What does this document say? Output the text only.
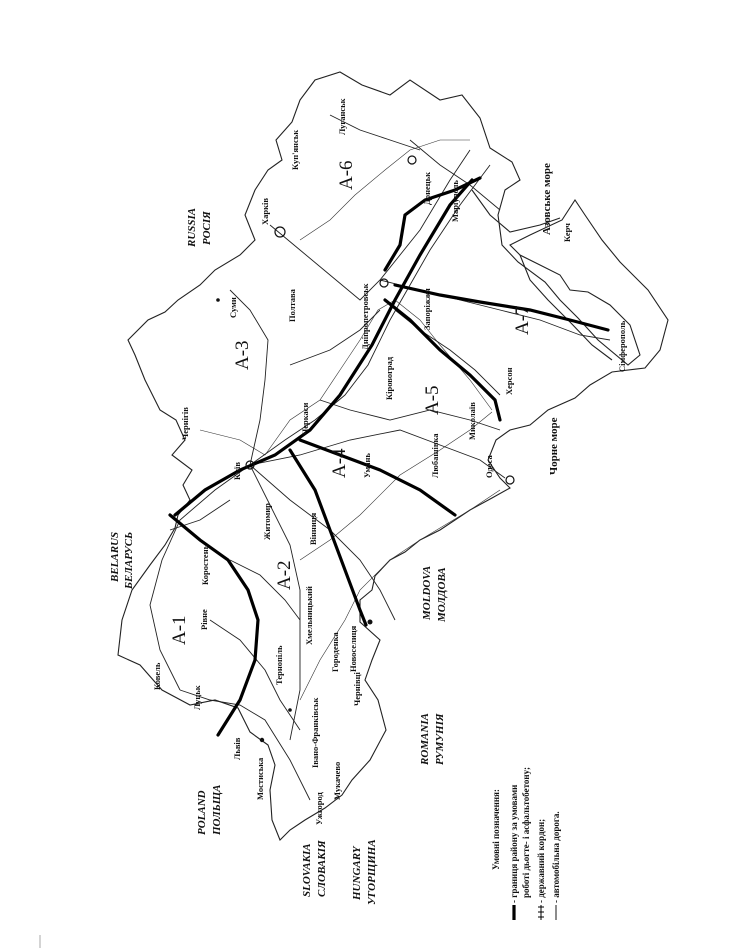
A-1
A-2
A-3
A-4
A-5
A-6
A-7
BELARUS БЕЛАРУСЬ
RUSSIA РОСІЯ
POLAND ПОЛЬЩА
SLOVAKIA СЛОВАКІЯ HUNGARY УГОРЩИНА
ROMANIA РУМУНІЯ
MOLDOVA МОЛДОВА
Азовське море
Чорне море
Ковель
Луцьк
Львів
Мостиська
Ужгород
Мукачево
Рівне
Коростень
Тернопіль
Івано-Франківськ
Чернівці
Хмельницький
Городенка Новоселиця
Житомир	Вінниця
Київ
Чернігів	Черкаси
Умань	Любашівка	Одеса
Кіровоград
Миколаїв
Херсон
Полтава
Суми
Харків
Куп'янськ
Луганськ
Донецьк Маріуполь
Дніпропетровськ	Запоріжжя
Керч
Сімферополь
Умовні позначення: - границя району за умовами роботі дьогте- і асфальтобетону; - державний кордон; - автомобільна дорога.
